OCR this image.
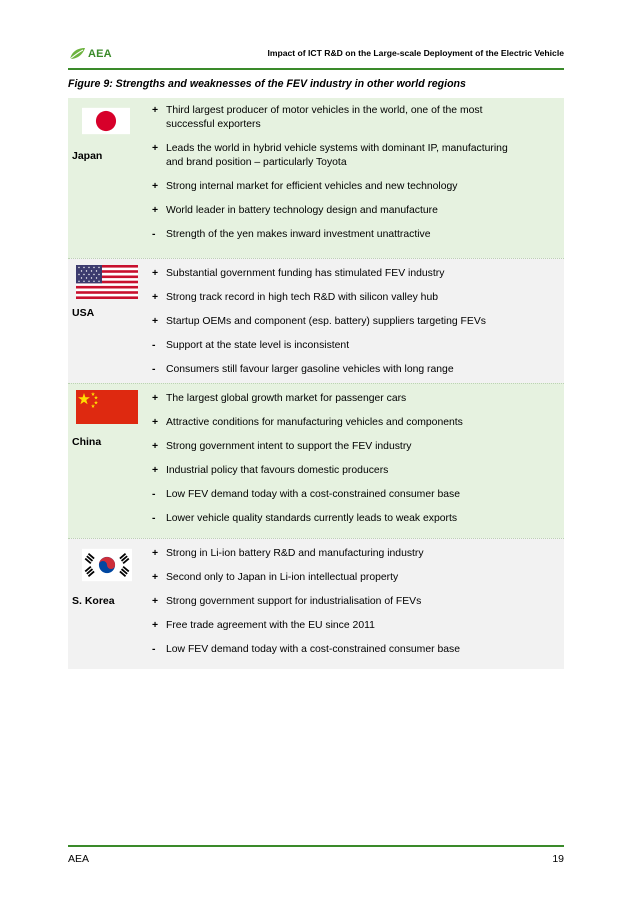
AEA	Impact of ICT R&D on the Large-scale Deployment of the Electric Vehicle
Figure 9: Strengths and weaknesses of the FEV industry in other world regions
Japan
+ Third largest producer of motor vehicles in the world, one of the most successful exporters
+ Leads the world in hybrid vehicle systems with dominant IP, manufacturing and brand position – particularly Toyota
+ Strong internal market for efficient vehicles and new technology
+ World leader in battery technology design and manufacture
-	Strength of the yen makes inward investment unattractive
USA
+ Substantial government funding has stimulated FEV industry
+ Strong track record in high tech R&D with silicon valley hub
+ Startup OEMs and component (esp. battery) suppliers targeting FEVs
-	Support at the state level is inconsistent
-	Consumers still favour larger gasoline vehicles with long range
China
+ The largest global growth market for passenger cars
+ Attractive conditions for manufacturing vehicles and components
+ Strong government intent to support the FEV industry
+ Industrial policy that favours domestic producers
-	Low FEV demand today with a cost-constrained consumer base
-	Lower vehicle quality standards currently leads to weak exports
S. Korea
+ Strong in Li-ion battery R&D and manufacturing industry
+ Second only to Japan in Li-ion intellectual property
+ Strong government support for industrialisation of FEVs
+ Free trade agreement with the EU since 2011
-	Low FEV demand today with a cost-constrained consumer base
AEA	19
